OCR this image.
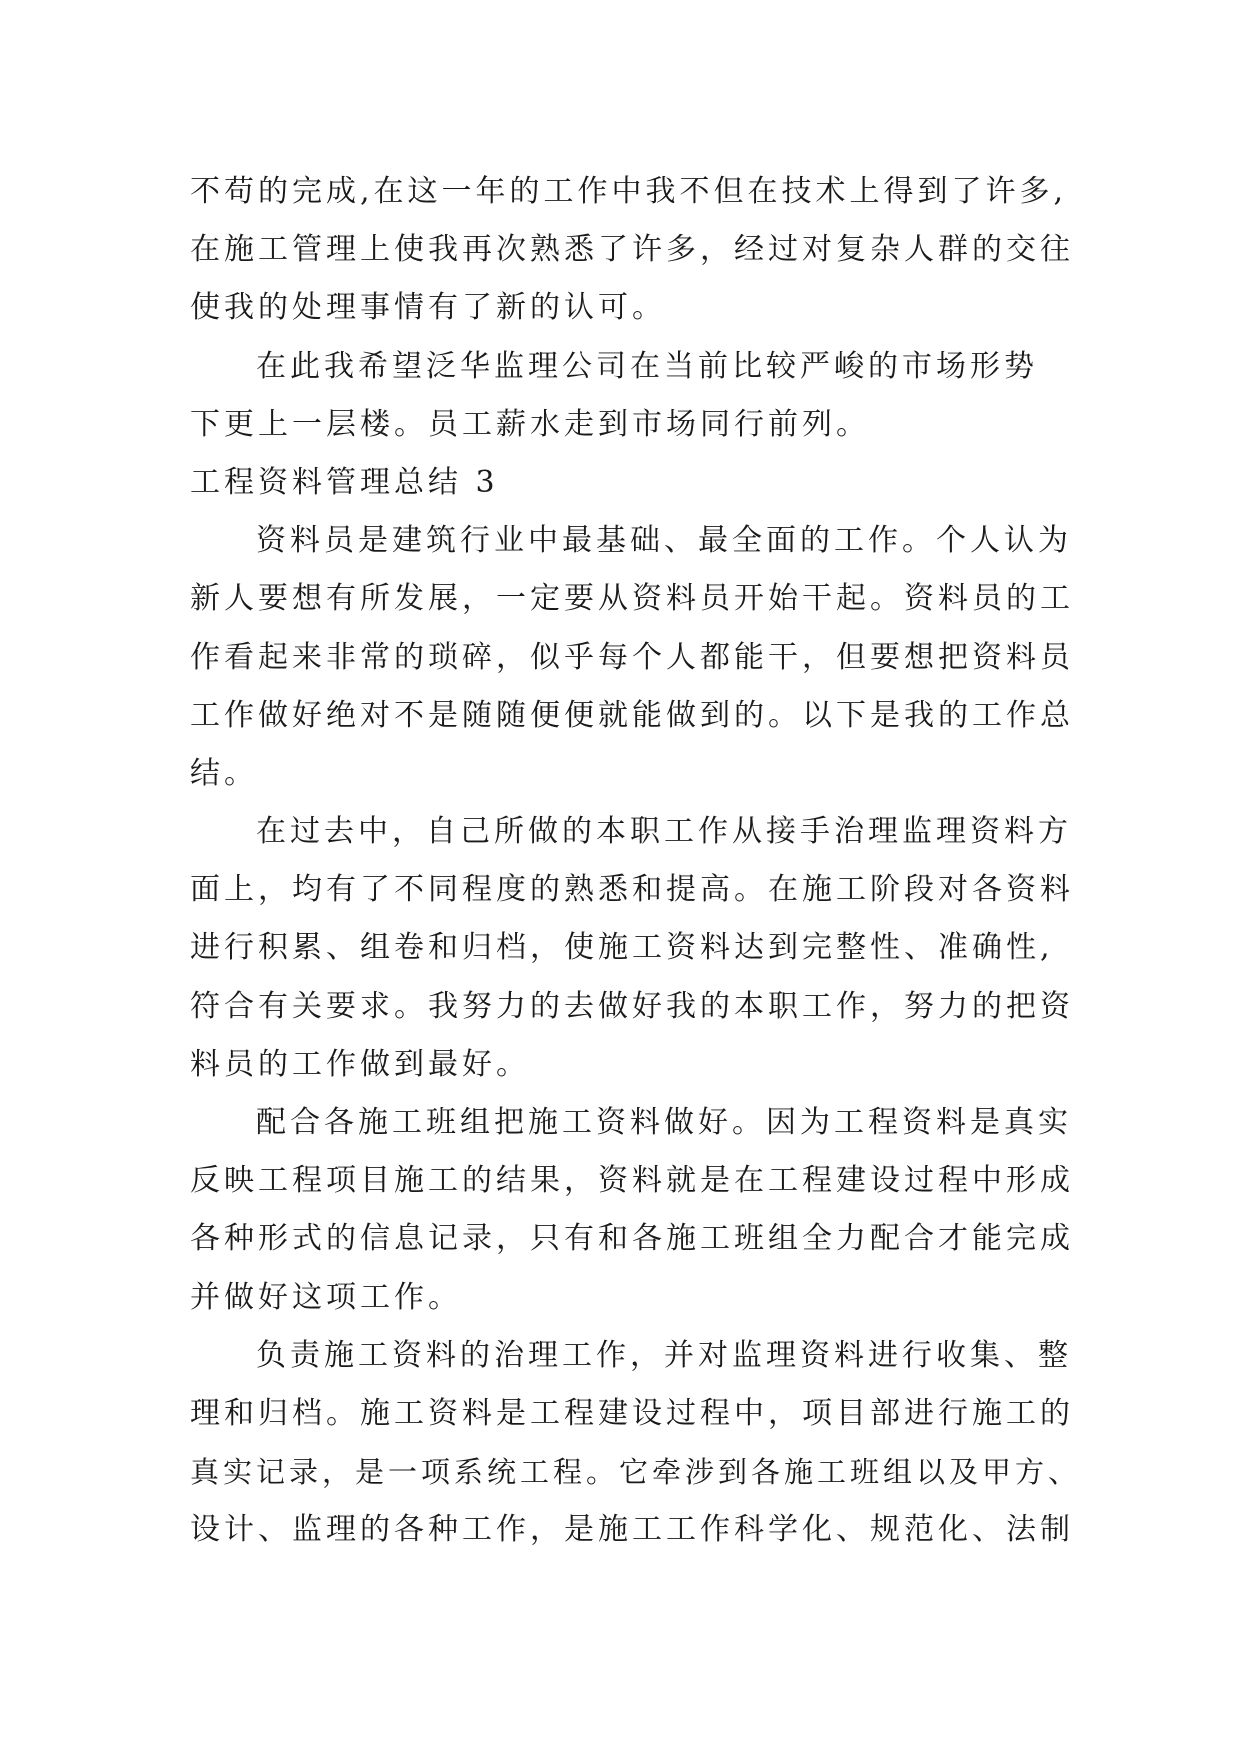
不苟的完成,在这一年的工作中我不但在技术上得到了许多,
在施工管理上使我再次熟悉了许多，经过对复杂人群的交往
使我的处理事情有了新的认可。
在此我希望泛华监理公司在当前比较严峻的市场形势
下更上一层楼。员工薪水走到市场同行前列。
工程资料管理总结 3
资料员是建筑行业中最基础、最全面的工作。个人认为
新人要想有所发展，一定要从资料员开始干起。资料员的工
作看起来非常的琐碎，似乎每个人都能干，但要想把资料员
工作做好绝对不是随随便便就能做到的。以下是我的工作总
结。
在过去中，自己所做的本职工作从接手治理监理资料方
面上，均有了不同程度的熟悉和提高。在施工阶段对各资料
进行积累、组卷和归档，使施工资料达到完整性、准确性,
符合有关要求。我努力的去做好我的本职工作，努力的把资
料员的工作做到最好。
配合各施工班组把施工资料做好。因为工程资料是真实
反映工程项目施工的结果，资料就是在工程建设过程中形成
各种形式的信息记录，只有和各施工班组全力配合才能完成
并做好这项工作。
负责施工资料的治理工作，并对监理资料进行收集、整
理和归档。施工资料是工程建设过程中，项目部进行施工的
真实记录，是一项系统工程。它牵涉到各施工班组以及甲方、
设计、监理的各种工作，是施工工作科学化、规范化、法制
